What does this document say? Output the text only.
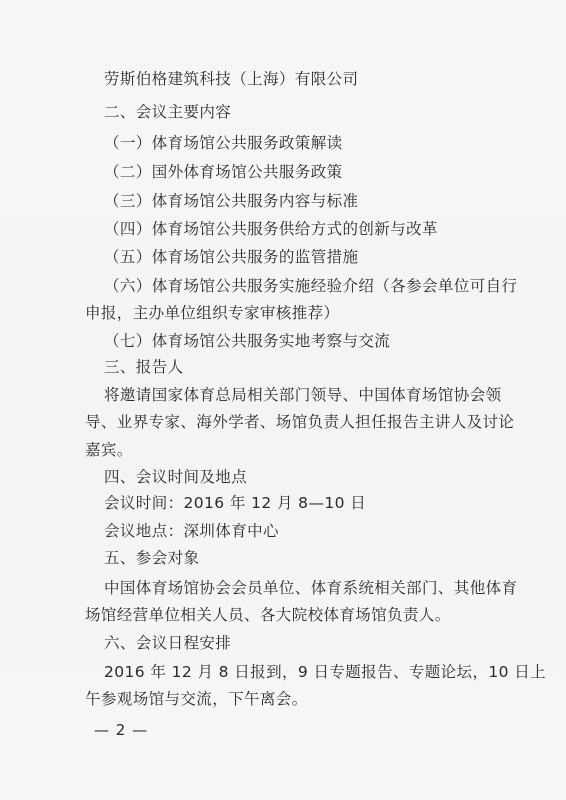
劳斯伯格建筑科技（上海）有限公司
二、会议主要内容
（一）体育场馆公共服务政策解读
（二）国外体育场馆公共服务政策
（三）体育场馆公共服务内容与标准
（四）体育场馆公共服务供给方式的创新与改革
（五）体育场馆公共服务的监管措施
（六）体育场馆公共服务实施经验介绍（各参会单位可自行
申报，主办单位组织专家审核推荐）
（七）体育场馆公共服务实地考察与交流
三、报告人
将邀请国家体育总局相关部门领导、中国体育场馆协会领
导、业界专家、海外学者、场馆负责人担任报告主讲人及讨论
嘉宾。
四、会议时间及地点
会议时间：2016 年 12 月 8—10 日
会议地点：深圳体育中心
五、参会对象
中国体育场馆协会会员单位、体育系统相关部门、其他体育
场馆经营单位相关人员、各大院校体育场馆负责人。
六、会议日程安排
2016 年 12 月 8 日报到，9 日专题报告、专题论坛，10 日上
午参观场馆与交流，下午离会。
— 2 —
